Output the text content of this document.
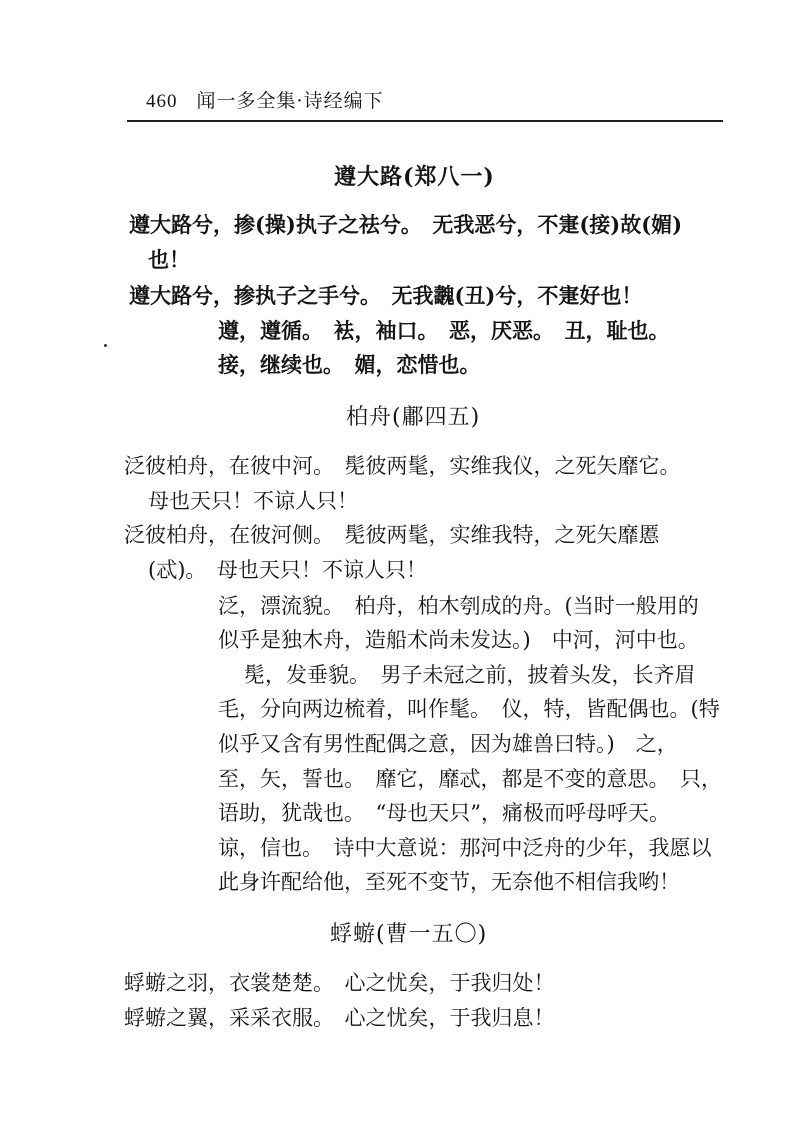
460 闻一多全集·诗经编下
遵大路(郑八一)
遵大路兮，掺(操)执子之祛兮。　无我恶兮，不寁(接)故(媚)
也！
遵大路兮，掺执子之手兮。　无我魗(丑)兮，不寁好也！
遵，遵循。　袪，袖口。　恶，厌恶。　丑，耻也。
接，继续也。　媚，恋惜也。
柏舟(鄘四五)
泛彼柏舟，在彼中河。　髧彼两髦，实维我仪，之死矢靡它。
母也天只！不谅人只！
泛彼柏舟，在彼河侧。　髧彼两髦，实维我特，之死矢靡慝
(忒)。　母也天只！不谅人只！
泛，漂流貌。　柏舟，柏木刳成的舟。(当时一般用的
似乎是独木舟，造船术尚未发达。)　中河，河中也。
髧，发垂貌。　男子未冠之前，披着头发，长齐眉
毛，分向两边梳着，叫作髦。　仪，特，皆配偶也。(特
似乎又含有男性配偶之意，因为雄兽曰特。)　之，
至，矢，誓也。　靡它，靡忒，都是不变的意思。　只，
语助，犹哉也。　“母也天只”，痛极而呼母呼天。
谅，信也。　诗中大意说：那河中泛舟的少年，我愿以
此身许配给他，至死不变节，无奈他不相信我哟！
蜉蝣(曹一五〇)
蜉蝣之羽，衣裳楚楚。　心之忧矣，于我归处！
蜉蝣之翼，采采衣服。　心之忧矣，于我归息！
